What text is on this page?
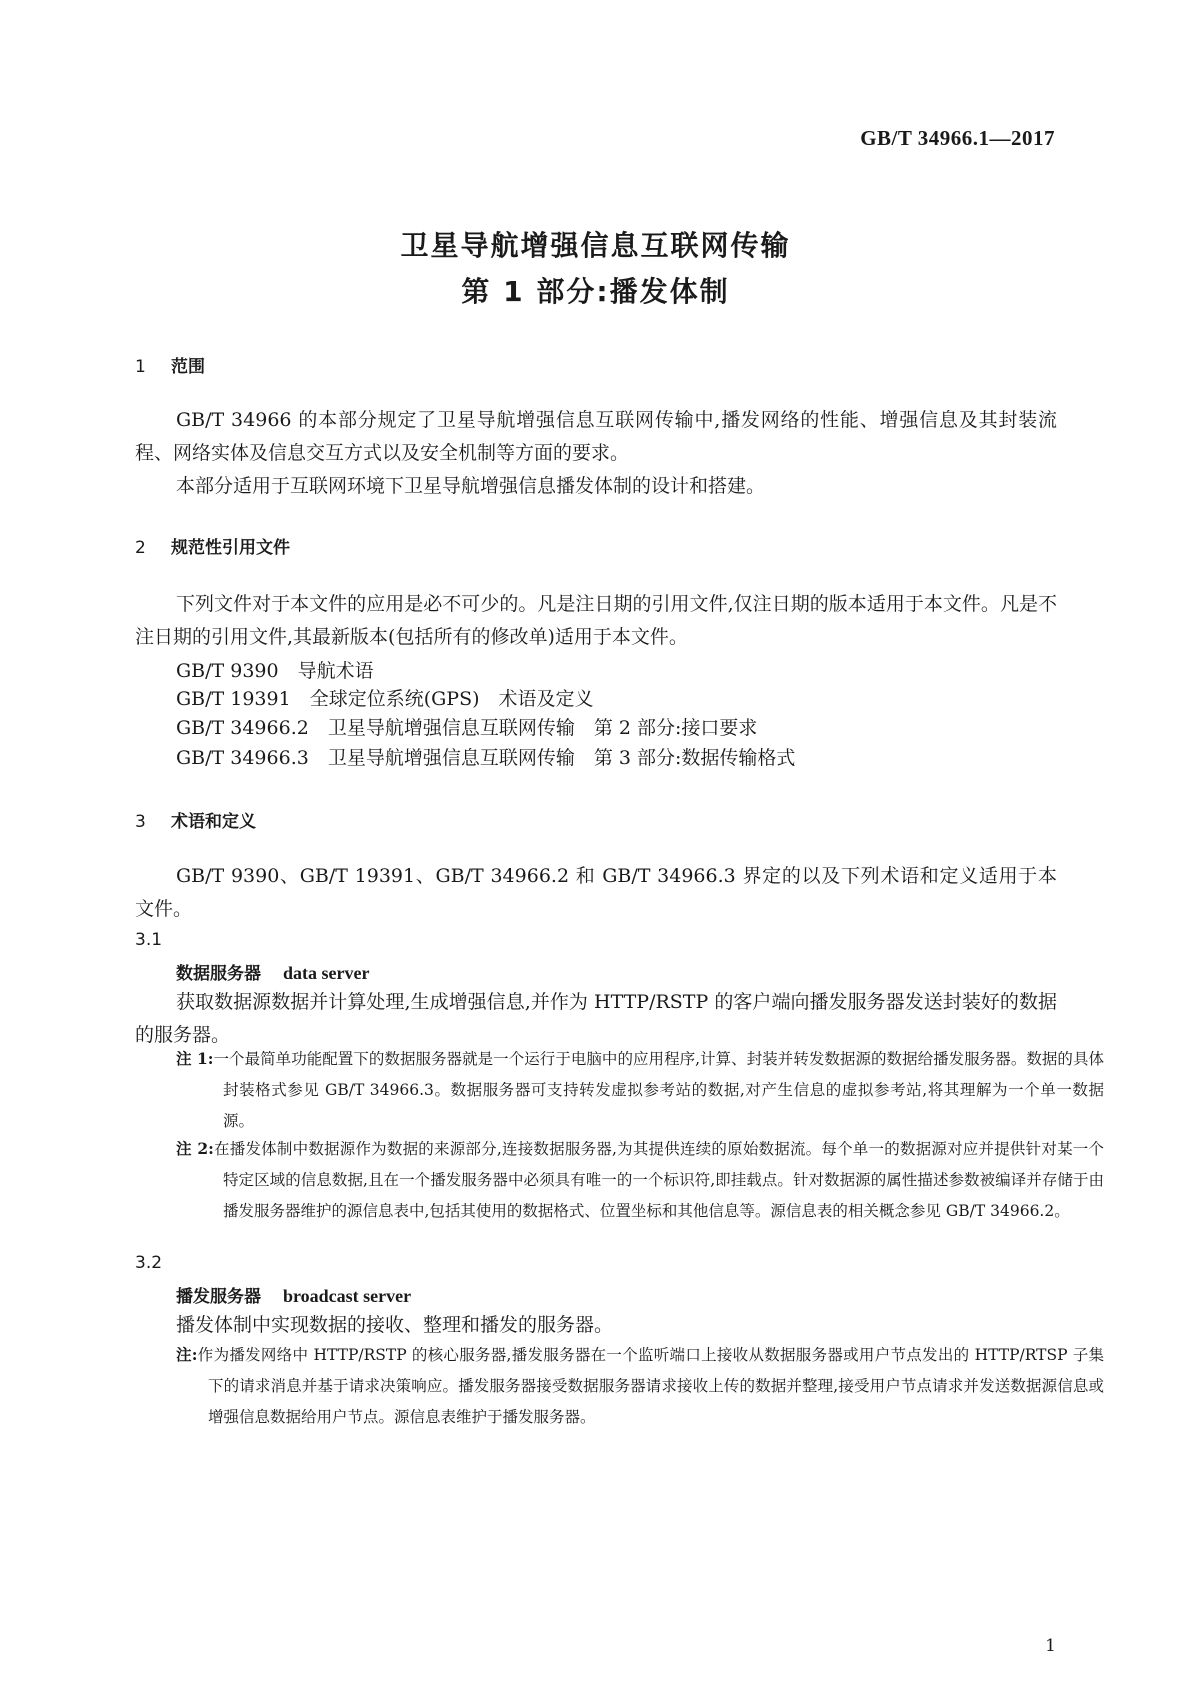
GB/T 34966.1—2017
卫星导航增强信息互联网传输
第 1 部分:播发体制
1 范围

GB/T 34966 的本部分规定了卫星导航增强信息互联网传输中,播发网络的性能、增强信息及其封装流程、网络实体及信息交互方式以及安全机制等方面的要求。

本部分适用于互联网环境下卫星导航增强信息播发体制的设计和搭建。

2 规范性引用文件

下列文件对于本文件的应用是必不可少的。凡是注日期的引用文件,仅注日期的版本适用于本文件。凡是不注日期的引用文件,其最新版本(包括所有的修改单)适用于本文件。

GB/T 9390　导航术语
GB/T 19391　全球定位系统(GPS)　术语及定义
GB/T 34966.2　卫星导航增强信息互联网传输　第 2 部分:接口要求
GB/T 34966.3　卫星导航增强信息互联网传输　第 3 部分:数据传输格式
3 术语和定义

GB/T 9390、GB/T 19391、GB/T 34966.2 和 GB/T 34966.3 界定的以及下列术语和定义适用于本文件。

3.1
数据服务器 data server

获取数据源数据并计算处理,生成增强信息,并作为 HTTP/RSTP 的客户端向播发服务器发送封装好的数据的服务器。

注 1:一个最简单功能配置下的数据服务器就是一个运行于电脑中的应用程序,计算、封装并转发数据源的数据给播发服务器。数据的具体封装格式参见 GB/T 34966.3。数据服务器可支持转发虚拟参考站的数据,对产生信息的虚拟参考站,将其理解为一个单一数据源。

注 2:在播发体制中数据源作为数据的来源部分,连接数据服务器,为其提供连续的原始数据流。每个单一的数据源对应并提供针对某一个特定区域的信息数据,且在一个播发服务器中必须具有唯一的一个标识符,即挂载点。针对数据源的属性描述参数被编译并存储于由播发服务器维护的源信息表中,包括其使用的数据格式、位置坐标和其他信息等。源信息表的相关概念参见 GB/T 34966.2。

3.2
播发服务器 broadcast server

播发体制中实现数据的接收、整理和播发的服务器。

注:作为播发网络中 HTTP/RSTP 的核心服务器,播发服务器在一个监听端口上接收从数据服务器或用户节点发出的 HTTP/RTSP 子集下的请求消息并基于请求决策响应。播发服务器接受数据服务器请求接收上传的数据并整理,接受用户节点请求并发送数据源信息或增强信息数据给用户节点。源信息表维护于播发服务器。

1
